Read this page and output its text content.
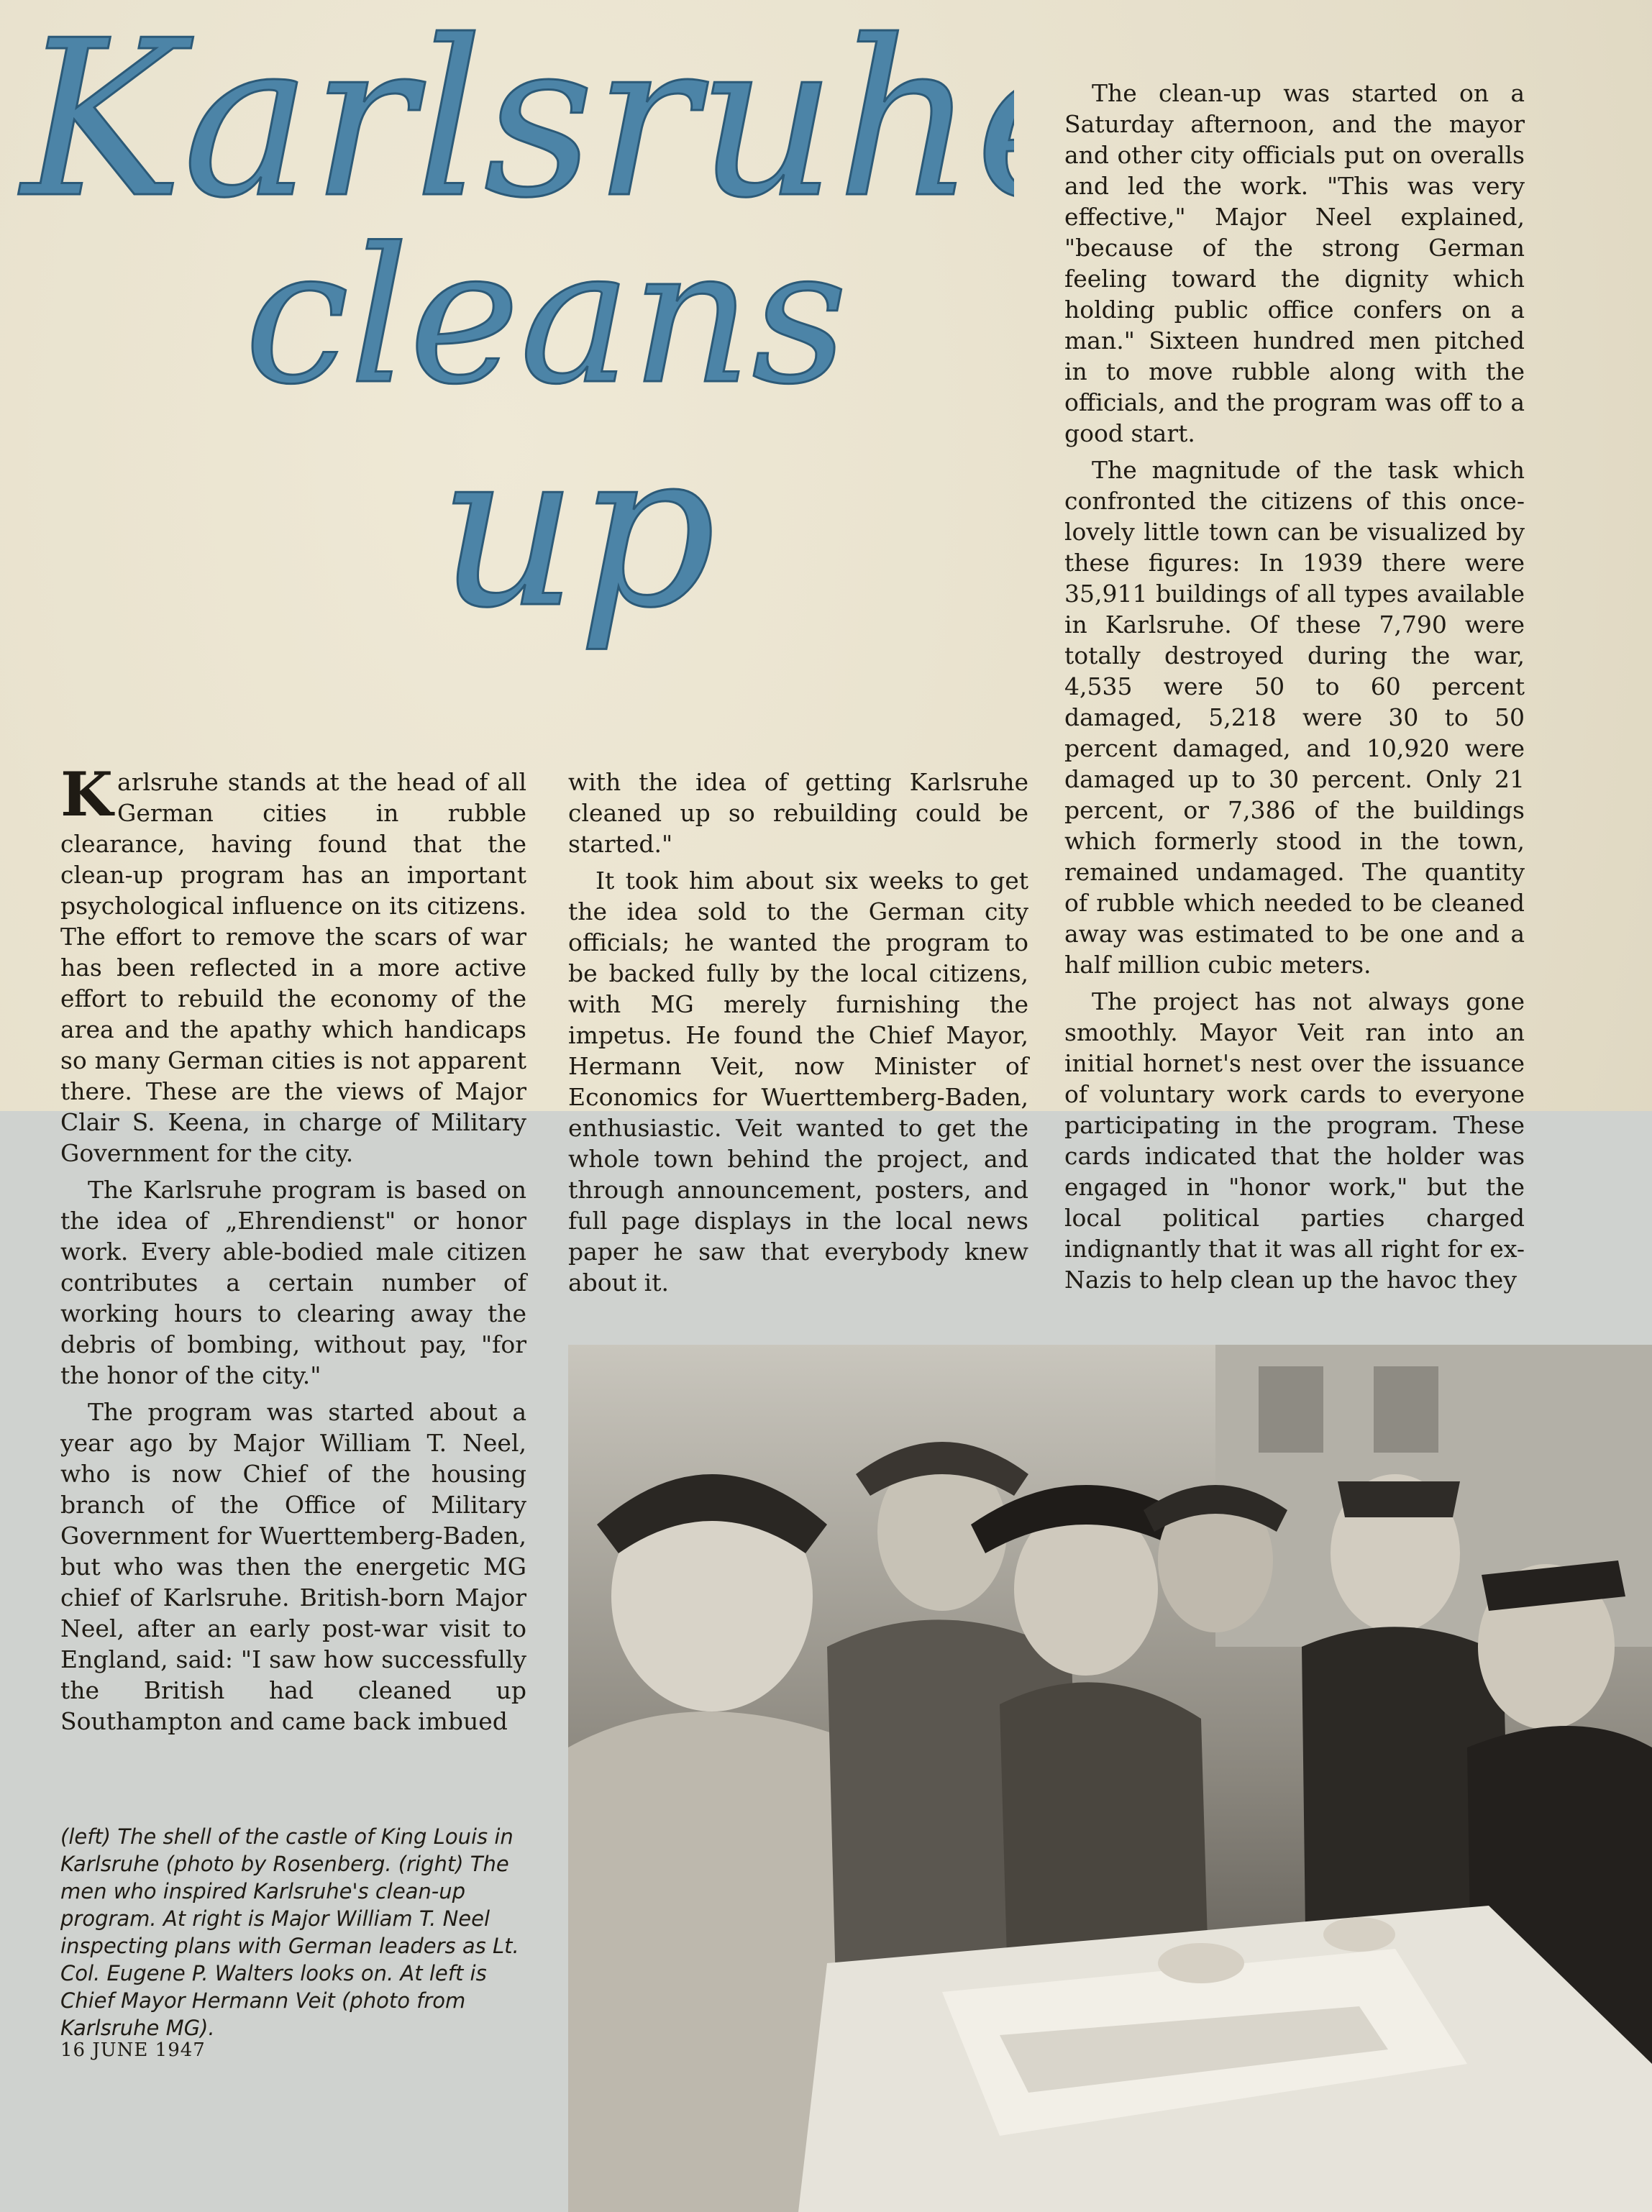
Karlsruhe
cleans
up

The clean-up was started on a Saturday afternoon, and the mayor and other city officials put on overalls and led the work. "This was very effective," Major Neel explained, "because of the strong German feeling toward the dignity which holding public office confers on a man." Sixteen hundred men pitched in to move rubble along with the officials, and the program was off to a good start.

The magnitude of the task which confronted the citizens of this once-lovely little town can be visualized by these figures: In 1939 there were 35,911 buildings of all types available in Karlsruhe. Of these 7,790 were totally destroyed during the war, 4,535 were 50 to 60 percent damaged, 5,218 were 30 to 50 percent damaged, and 10,920 were damaged up to 30 percent. Only 21 percent, or 7,386 of the buildings which formerly stood in the town, remained undamaged. The quantity of rubble which needed to be cleaned away was estimated to be one and a half million cubic meters.

The project has not always gone smoothly. Mayor Veit ran into an initial hornet's nest over the issuance of voluntary work cards to everyone participating in the program. These cards indicated that the holder was engaged in "honor work," but the local political parties charged indignantly that it was all right for ex-Nazis to help clean up the havoc they

Karlsruhe stands at the head of all German cities in rubble clearance, having found that the clean-up program has an important psychological influence on its citizens. The effort to remove the scars of war has been reflected in a more active effort to rebuild the economy of the area and the apathy which handicaps so many German cities is not apparent there. These are the views of Major Clair S. Keena, in charge of Military Government for the city.

The Karlsruhe program is based on the idea of „Ehrendienst" or honor work. Every able-bodied male citizen contributes a certain number of working hours to clearing away the debris of bombing, without pay, "for the honor of the city."

The program was started about a year ago by Major William T. Neel, who is now Chief of the housing branch of the Office of Military Government for Wuerttemberg-Baden, but who was then the energetic MG chief of Karlsruhe. British-born Major Neel, after an early post-war visit to England, said: "I saw how successfully the British had cleaned up Southampton and came back imbued

with the idea of getting Karlsruhe cleaned up so rebuilding could be started."

It took him about six weeks to get the idea sold to the German city officials; he wanted the program to be backed fully by the local citizens, with MG merely furnishing the impetus. He found the Chief Mayor, Hermann Veit, now Minister of Economics for Wuerttemberg-Baden, enthusiastic. Veit wanted to get the whole town behind the project, and through announcement, posters, and full page displays in the local news paper he saw that everybody knew about it.

(left) The shell of the castle of King Louis in Karlsruhe (photo by Rosenberg. (right) The men who inspired Karlsruhe's clean-up program. At right is Major William T. Neel inspecting plans with German leaders as Lt. Col. Eugene P. Walters looks on. At left is Chief Mayor Hermann Veit (photo from Karlsruhe MG).
16 JUNE 1947
